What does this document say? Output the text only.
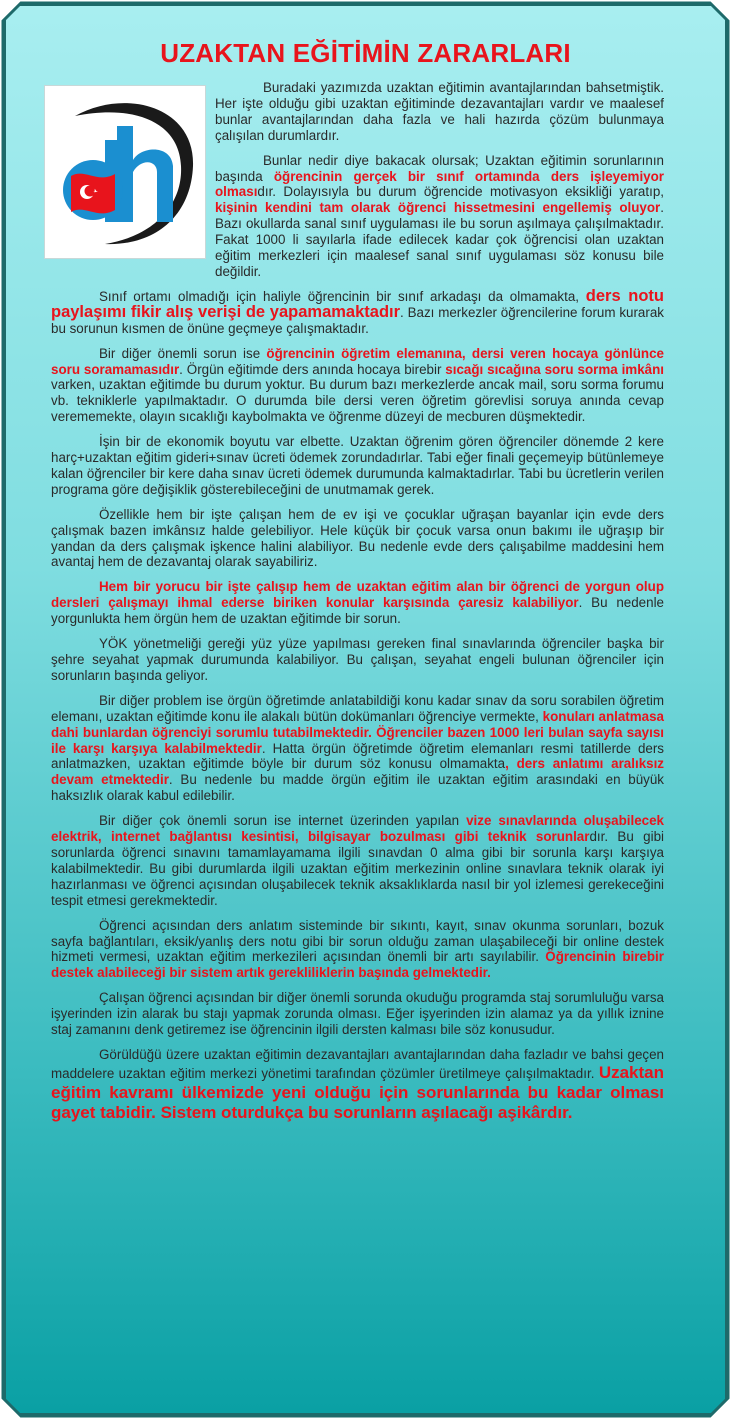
UZAKTAN EĞİTİMİN ZARARLARI
dh	Buradaki yazımızda uzaktan eğitimin avantajlarından bahsetmiştik. Her işte olduğu gibi uzaktan eğitiminde dezavantajları vardır ve maalesef bunlar avantajlarından daha fazla ve hali hazırda çözüm bulunmaya çalışılan durumlardır.

Bunlar nedir diye bakacak olursak; Uzaktan eğitimin sorunlarının başında öğrencinin gerçek bir sınıf ortamında ders işleyemiyor olmasıdır. Dolayısıyla bu durum öğrencide motivasyon eksikliği yaratıp, kişinin kendini tam olarak öğrenci hissetmesini engellemiş oluyor. Bazı okullarda sanal sınıf uygulaması ile bu sorun aşılmaya çalışılmaktadır. Fakat 1000 li sayılarla ifade edilecek kadar çok öğrencisi olan uzaktan eğitim merkezleri için maalesef sanal sınıf uygulaması söz konusu bile değildir.

Sınıf ortamı olmadığı için haliyle öğrencinin bir sınıf arkadaşı da olmamakta, ders notu paylaşımı fikir alış verişi de yapamamaktadır. Bazı merkezler öğrencilerine forum kurarak bu sorunun kısmen de önüne geçmeye çalışmaktadır.

Bir diğer önemli sorun ise öğrencinin öğretim elemanına, dersi veren hocaya gönlünce soru soramamasıdır. Örgün eğitimde ders anında hocaya birebir sıcağı sıcağına soru sorma imkânı varken, uzaktan eğitimde bu durum yoktur. Bu durum bazı merkezlerde ancak mail, soru sorma forumu vb. tekniklerle yapılmaktadır. O durumda bile dersi veren öğretim görevlisi soruya anında cevap verememekte, olayın sıcaklığı kaybolmakta ve öğrenme düzeyi de mecburen düşmektedir.

İşin bir de ekonomik boyutu var elbette. Uzaktan öğrenim gören öğrenciler dönemde 2 kere harç+uzaktan eğitim gideri+sınav ücreti ödemek zorundadırlar. Tabi eğer finali geçemeyip bütünlemeye kalan öğrenciler bir kere daha sınav ücreti ödemek durumunda kalmaktadırlar. Tabi bu ücretlerin verilen programa göre değişiklik gösterebileceğini de unutmamak gerek.

Özellikle hem bir işte çalışan hem de ev işi ve çocuklar uğraşan bayanlar için evde ders çalışmak bazen imkânsız halde gelebiliyor. Hele küçük bir çocuk varsa onun bakımı ile uğraşıp bir yandan da ders çalışmak işkence halini alabiliyor. Bu nedenle evde ders çalışabilme maddesini hem avantaj hem de dezavantaj olarak sayabiliriz.

Hem bir yorucu bir işte çalışıp hem de uzaktan eğitim alan bir öğrenci de yorgun olup dersleri çalışmayı ihmal ederse biriken konular karşısında çaresiz kalabiliyor. Bu nedenle yorgunlukta hem örgün hem de uzaktan eğitimde bir sorun.

YÖK yönetmeliği gereği yüz yüze yapılması gereken final sınavlarında öğrenciler başka bir şehre seyahat yapmak durumunda kalabiliyor. Bu çalışan, seyahat engeli bulunan öğrenciler için sorunların başında geliyor.

Bir diğer problem ise örgün öğretimde anlatabildiği konu kadar sınav da soru sorabilen öğretim elemanı, uzaktan eğitimde konu ile alakalı bütün dokümanları öğrenciye vermekte, konuları anlatmasa dahi bunlardan öğrenciyi sorumlu tutabilmektedir. Öğrenciler bazen 1000 leri bulan sayfa sayısı ile karşı karşıya kalabilmektedir. Hatta örgün öğretimde öğretim elemanları resmi tatillerde ders anlatmazken, uzaktan eğitimde böyle bir durum söz konusu olmamakta, ders anlatımı aralıksız devam etmektedir. Bu nedenle bu madde örgün eğitim ile uzaktan eğitim arasındaki en büyük haksızlık olarak kabul edilebilir.

Bir diğer çok önemli sorun ise internet üzerinden yapılan vize sınavlarında oluşabilecek elektrik, internet bağlantısı kesintisi, bilgisayar bozulması gibi teknik sorunlardır. Bu gibi sorunlarda öğrenci sınavını tamamlayamama ilgili sınavdan 0 alma gibi bir sorunla karşı karşıya kalabilmektedir. Bu gibi durumlarda ilgili uzaktan eğitim merkezinin online sınavlara teknik olarak iyi hazırlanması ve öğrenci açısından oluşabilecek teknik aksaklıklarda nasıl bir yol izlemesi gerekeceğini tespit etmesi gerekmektedir.

Öğrenci açısından ders anlatım sisteminde bir sıkıntı, kayıt, sınav okunma sorunları, bozuk sayfa bağlantıları, eksik/yanlış ders notu gibi bir sorun olduğu zaman ulaşabileceği bir online destek hizmeti vermesi, uzaktan eğitim merkezileri açısından önemli bir artı sayılabilir. Öğrencinin birebir destek alabileceği bir sistem artık gerekliliklerin başında gelmektedir.

Çalışan öğrenci açısından bir diğer önemli sorunda okuduğu programda staj sorumluluğu varsa işyerinden izin alarak bu stajı yapmak zorunda olması. Eğer işyerinden izin alamaz ya da yıllık iznine staj zamanını denk getiremez ise öğrencinin ilgili dersten kalması bile söz konusudur.

Görüldüğü üzere uzaktan eğitimin dezavantajları avantajlarından daha fazladır ve bahsi geçen maddelere uzaktan eğitim merkezi yönetimi tarafından çözümler üretilmeye çalışılmaktadır. Uzaktan eğitim kavramı ülkemizde yeni olduğu için sorunlarında bu kadar olması gayet tabidir. Sistem oturdukça bu sorunların aşılacağı aşikârdır.
